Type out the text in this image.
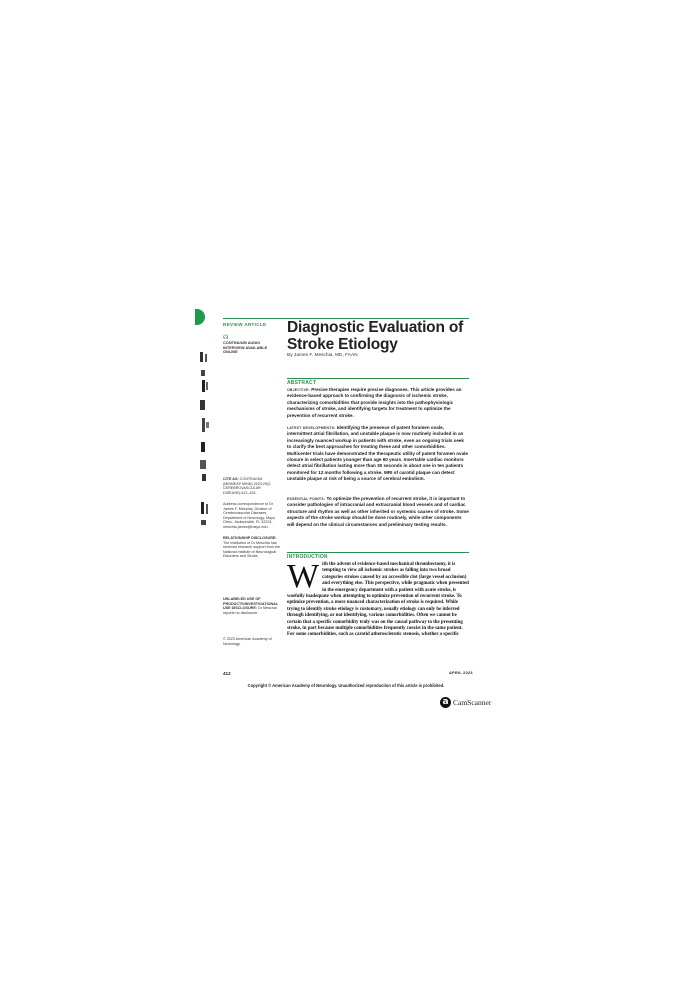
REVIEW ARTICLE
☊
CONTINUUM AUDIO INTERVIEW AVAILABLE ONLINE
Diagnostic Evaluation of Stroke Etiology
By James F. Meschia, MD, FAAN
ABSTRACT
OBJECTIVE: Precise therapies require precise diagnoses. This article provides an evidence-based approach to confirming the diagnosis of ischemic stroke, characterizing comorbidities that provide insights into the pathophysiologic mechanisms of stroke, and identifying targets for treatment to optimize the prevention of recurrent stroke.
LATEST DEVELOPMENTS: Identifying the presence of patent foramen ovale, intermittent atrial fibrillation, and unstable plaque is now routinely included in an increasingly nuanced workup in patients with stroke, even as ongoing trials seek to clarify the best approaches for treating these and other comorbidities. Multicenter trials have demonstrated the therapeutic utility of patent foramen ovale closure in select patients younger than age 60 years. Insertable cardiac monitors detect atrial fibrillation lasting more than 30 seconds in about one in ten patients monitored for 12 months following a stroke. MRI of carotid plaque can detect unstable plaque at risk of being a source of cerebral embolism.
ESSENTIAL POINTS: To optimize the prevention of recurrent stroke, it is important to consider pathologies of intracranial and extracranial blood vessels and of cardiac structure and rhythm as well as other inherited or systemic causes of stroke. Some aspects of the stroke workup should be done routinely, while other components will depend on the clinical circumstances and preliminary testing results.
CITE AS: CONTINUUM (MINNEAP MINN) 2023;29(2, CEREBROVASCULAR DISEASE):412–424.
Address correspondence to Dr James F. Meschia, Division of Cerebrovascular Diseases, Department of Neurology, Mayo Clinic, Jacksonville, FL 32224, meschia.james@mayo.edu.
RELATIONSHIP DISCLOSURE: The institution of Dr Meschia has received research support from the National Institute of Neurological Disorders and Stroke.
UNLABELED USE OF PRODUCTS/INVESTIGATIONAL USE DISCLOSURE: Dr Meschia reports no disclosure.
© 2023 American Academy of Neurology.
INTRODUCTION
With the advent of evidence-based mechanical thrombectomy, it is tempting to view all ischemic strokes as falling into two broad categories strokes caused by an accessible clot (large vessel occlusion) and everything else. This perspective, while pragmatic when presented in the emergency department with a patient with acute stroke, is woefully inadequate when attempting to optimize prevention of recurrent stroke. To optimize prevention, a more nuanced characterization of stroke is required. While trying to identify stroke etiology is customary, usually etiology can only be inferred through identifying, or not identifying, various comorbidities. Often we cannot be certain that a specific comorbidity truly was on the causal pathway to the presenting stroke, in part because multiple comorbidities frequently coexist in the same patient. For some comorbidities, such as carotid atherosclerotic stenosis, whether a specific
412	APRIL 2023
Copyright © American Academy of Neurology. Unauthorized reproduction of this article is prohibited.
a CamScanner
